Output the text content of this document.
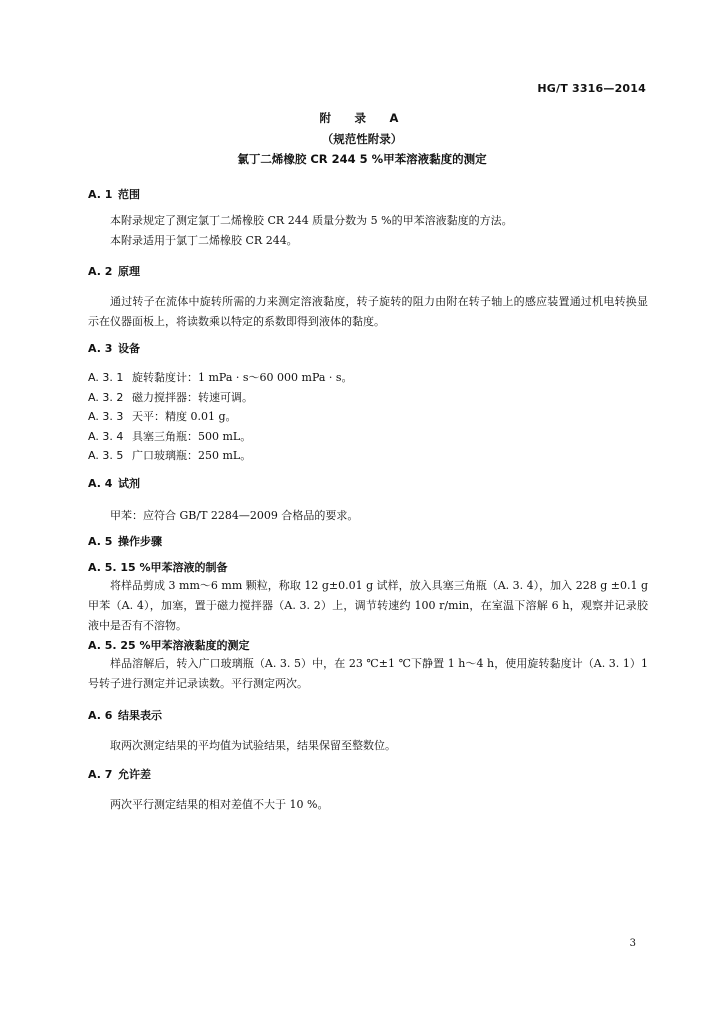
HG/T 3316—2014
附　录　A
（规范性附录）
氯丁二烯橡胶 CR 244 5 %甲苯溶液黏度的测定
A. 1 范围
本附录规定了测定氯丁二烯橡胶 CR 244 质量分数为 5 %的甲苯溶液黏度的方法。
本附录适用于氯丁二烯橡胶 CR 244。
A. 2 原理
通过转子在流体中旋转所需的力来测定溶液黏度，转子旋转的阻力由附在转子轴上的感应装置通过机电转换显示在仪器面板上，将读数乘以特定的系数即得到液体的黏度。
A. 3 设备
A. 3. 1 旋转黏度计：1 mPa · s～60 000 mPa · s。
A. 3. 2 磁力搅拌器：转速可调。
A. 3. 3 天平：精度 0.01 g。
A. 3. 4 具塞三角瓶：500 mL。
A. 3. 5 广口玻璃瓶：250 mL。
A. 4 试剂
甲苯：应符合 GB/T 2284—2009 合格品的要求。
A. 5 操作步骤
A. 5. 15 %甲苯溶液的制备
将样品剪成 3 mm～6 mm 颗粒，称取 12 g±0.01 g 试样，放入具塞三角瓶（A. 3. 4），加入 228 g ±0.1 g 甲苯（A. 4），加塞，置于磁力搅拌器（A. 3. 2）上，调节转速约 100 r/min，在室温下溶解 6 h，观察并记录胶液中是否有不溶物。
A. 5. 25 %甲苯溶液黏度的测定
样品溶解后，转入广口玻璃瓶（A. 3. 5）中，在 23 ℃±1 ℃下静置 1 h～4 h，使用旋转黏度计（A. 3. 1）1 号转子进行测定并记录读数。平行测定两次。
A. 6 结果表示
取两次测定结果的平均值为试验结果，结果保留至整数位。
A. 7 允许差
两次平行测定结果的相对差值不大于 10 %。
3
